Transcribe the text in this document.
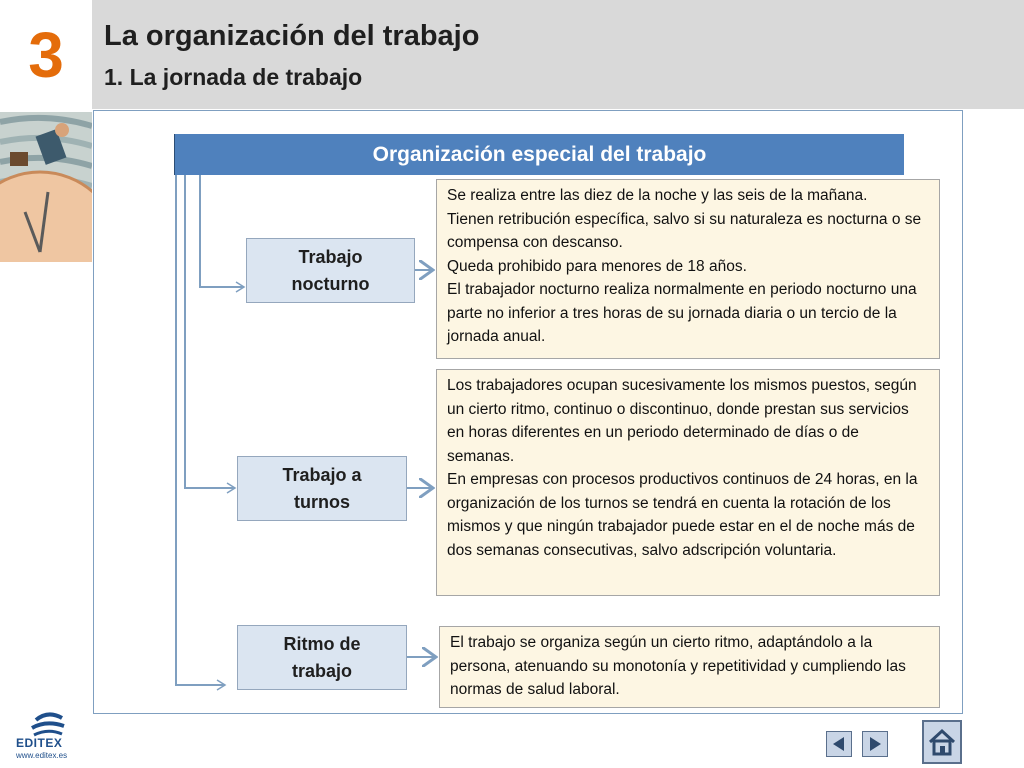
3	La organización del trabajo
1. La jornada de trabajo
Organización especial del trabajo
Trabajo
nocturno
Se realiza entre las diez de la noche y las seis de la mañana.
Tienen retribución específica, salvo si su naturaleza es nocturna o se compensa con descanso.
Queda prohibido para menores de 18 años.
El trabajador nocturno realiza normalmente en periodo nocturno una parte no inferior a tres horas de su jornada diaria o un tercio de la jornada anual.
Trabajo a
turnos
Los trabajadores ocupan sucesivamente los mismos puestos, según un cierto ritmo, continuo o discontinuo, donde prestan sus servicios en horas diferentes en un periodo determinado de días o de semanas.
En empresas con procesos productivos continuos de 24 horas, en la organización de los turnos se tendrá en cuenta la rotación de los mismos y que ningún trabajador puede estar en el de noche más de dos semanas consecutivas, salvo adscripción voluntaria.
Ritmo de
trabajo
El trabajo se organiza según un cierto ritmo, adaptándolo a la persona, atenuando su monotonía y repetitividad y cumpliendo las normas de salud laboral.
EDITEX
www.editex.es
